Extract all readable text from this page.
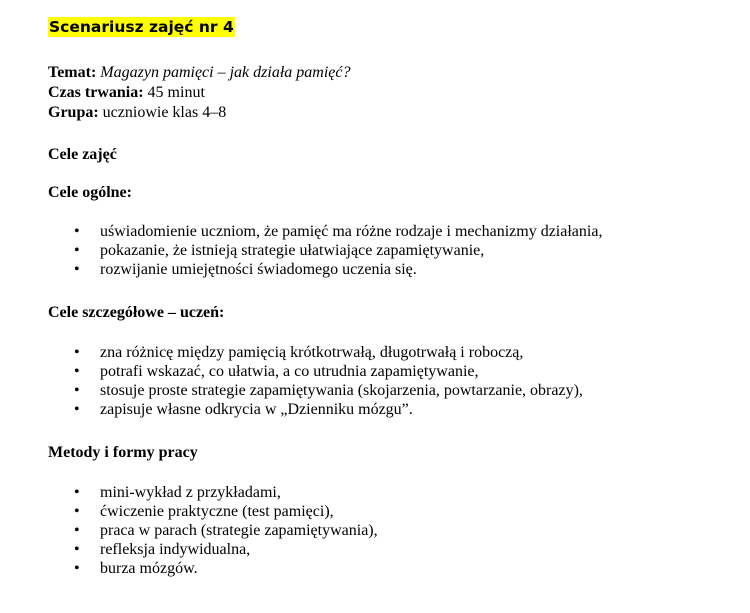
Scenariusz zajęć nr 4
Temat: Magazyn pamięci – jak działa pamięć?
Czas trwania: 45 minut
Grupa: uczniowie klas 4–8
Cele zajęć
Cele ogólne:
• uświadomienie uczniom, że pamięć ma różne rodzaje i mechanizmy działania,
• pokazanie, że istnieją strategie ułatwiające zapamiętywanie,
• rozwijanie umiejętności świadomego uczenia się.
Cele szczegółowe – uczeń:
• zna różnicę między pamięcią krótkotrwałą, długotrwałą i roboczą,
• potrafi wskazać, co ułatwia, a co utrudnia zapamiętywanie,
• stosuje proste strategie zapamiętywania (skojarzenia, powtarzanie, obrazy),
• zapisuje własne odkrycia w „Dzienniku mózgu”.
Metody i formy pracy
• mini-wykład z przykładami,
• ćwiczenie praktyczne (test pamięci),
• praca w parach (strategie zapamiętywania),
• refleksja indywidualna,
• burza mózgów.
